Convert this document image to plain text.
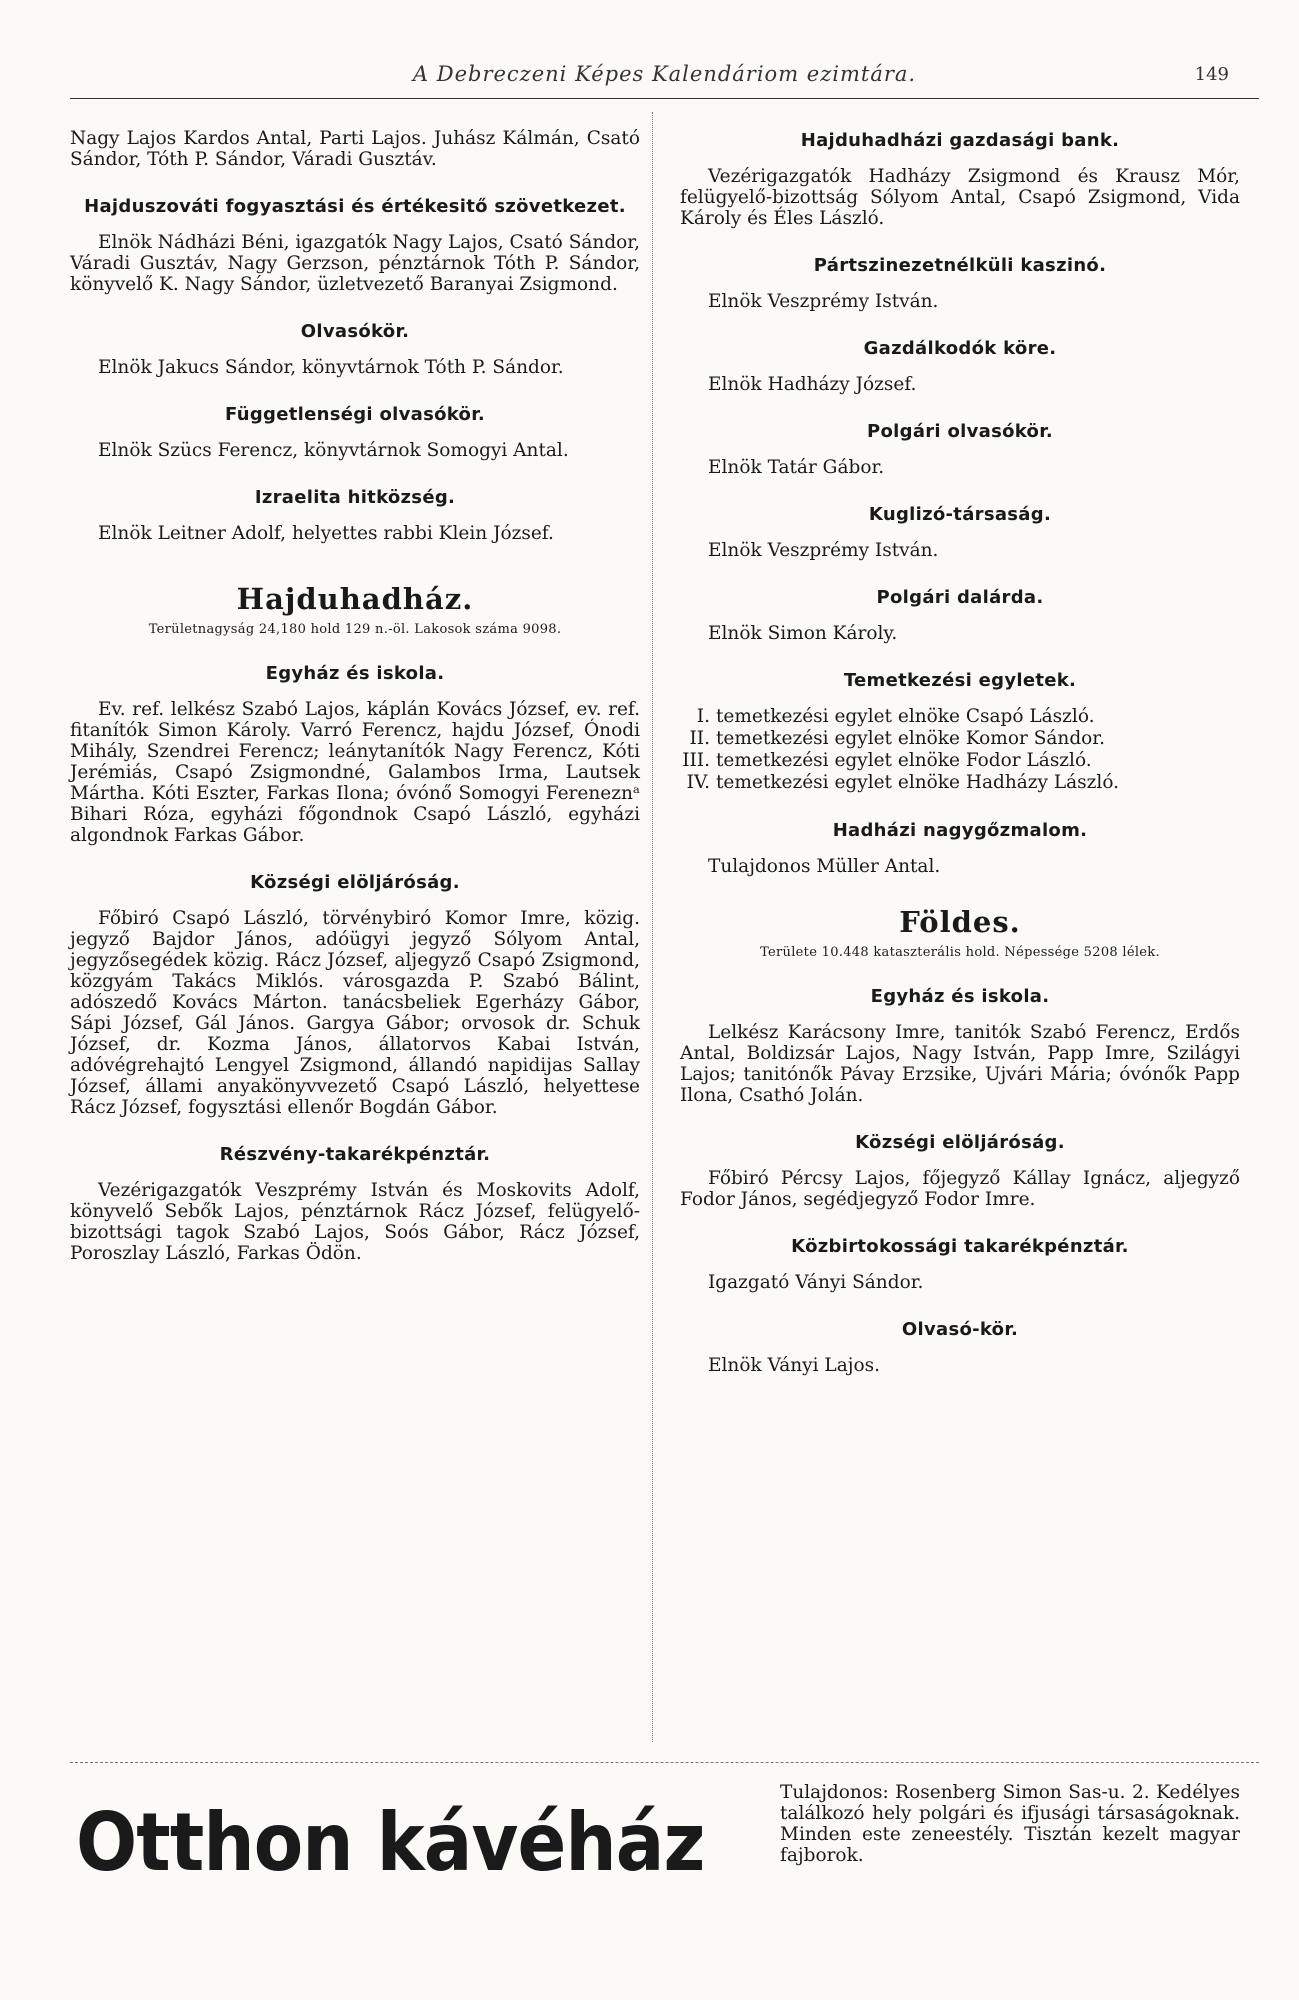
A Debreczeni Képes Kalendáriom ezimtára.	149

Nagy Lajos Kardos Antal, Parti Lajos. Juhász Kálmán, Csató Sándor, Tóth P. Sándor, Váradi Gusztáv.

Hajduszováti fogyasztási és értékesitő szövetkezet.

Elnök Nádházi Béni, igazgatók Nagy Lajos, Csató Sándor, Váradi Gusztáv, Nagy Gerzson, pénztárnok Tóth P. Sándor, könyvelő K. Nagy Sándor, üzletvezető Baranyai Zsigmond.

Olvasókör.

Elnök Jakucs Sándor, könyvtárnok Tóth P. Sándor.

Függetlenségi olvasókör.

Elnök Szücs Ferencz, könyvtárnok Somogyi Antal.

Izraelita hitközség.

Elnök Leitner Adolf, helyettes rabbi Klein József.

Hajduhadház.
Területnagyság 24,180 hold 129 n.-öl. Lakosok száma 9098.
Egyház és iskola.

Ev. ref. lelkész Szabó Lajos, káplán Kovács József, ev. ref. fitanítók Simon Károly. Varró Ferencz, hajdu József, Ónodi Mihály, Szendrei Ferencz; leánytanítók Nagy Ferencz, Kóti Jerémiás, Csapó Zsigmondné, Galambos Irma, Lautsek Mártha. Kóti Eszter, Farkas Ilona; óvónő Somogyi Fereneznᵃ Bihari Róza, egyházi főgondnok Csapó László, egyházi algondnok Farkas Gábor.

Községi elöljáróság.

Főbiró Csapó László, törvénybiró Komor Imre, közig. jegyző Bajdor János, adóügyi jegyző Sólyom Antal, jegyzősegédek közig. Rácz József, aljegyző Csapó Zsigmond, közgyám Takács Miklós. városgazda P. Szabó Bálint, adószedő Kovács Márton. tanácsbeliek Egerházy Gábor, Sápi József, Gál János. Gargya Gábor; orvosok dr. Schuk József, dr. Kozma János, állatorvos Kabai István, adóvégrehajtó Lengyel Zsigmond, állandó napidijas Sallay József, állami anyakönyvvezető Csapó László, helyettese Rácz József, fogysztási ellenőr Bogdán Gábor.

Részvény-takarékpénztár.

Vezérigazgatók Veszprémy István és Moskovits Adolf, könyvelő Sebők Lajos, pénztárnok Rácz József, felügyelő-bizottsági tagok Szabó Lajos, Soós Gábor, Rácz József, Poroszlay László, Farkas Ödön.

Hajduhadházi gazdasági bank.

Vezérigazgatók Hadházy Zsigmond és Krausz Mór, felügyelő-bizottság Sólyom Antal, Csapó Zsigmond, Vida Károly és Éles László.

Pártszinezetnélküli kaszinó.

Elnök Veszprémy István.

Gazdálkodók köre.

Elnök Hadházy József.

Polgári olvasókör.

Elnök Tatár Gábor.

Kuglizó-társaság.

Elnök Veszprémy István.

Polgári dalárda.

Elnök Simon Károly.

Temetkezési egyletek.
I. temetkezési egylet elnöke Csapó László.
II. temetkezési egylet elnöke Komor Sándor.
III. temetkezési egylet elnöke Fodor László.
IV. temetkezési egylet elnöke Hadházy László.
Hadházi nagygőzmalom.

Tulajdonos Müller Antal.

Földes.
Területe 10.448 kataszterális hold. Népessége 5208 lélek.
Egyház és iskola.

Lelkész Karácsony Imre, tanitók Szabó Ferencz, Erdős Antal, Boldizsár Lajos, Nagy István, Papp Imre, Szilágyi Lajos; tanitónők Pávay Erzsike, Ujvári Mária; óvónők Papp Ilona, Csathó Jolán.

Községi elöljáróság.

Főbiró Pércsy Lajos, főjegyző Kállay Ignácz, aljegyző Fodor János, segédjegyző Fodor Imre.

Közbirtokossági takarékpénztár.

Igazgató Ványi Sándor.

Olvasó-kör.

Elnök Ványi Lajos.

Otthon kávéház
Tulajdonos: Rosenberg Simon Sas-u. 2. Kedélyes találkozó hely polgári és ifjusági társaságoknak. Minden este zeneestély. Tisztán kezelt magyar fajborok.
